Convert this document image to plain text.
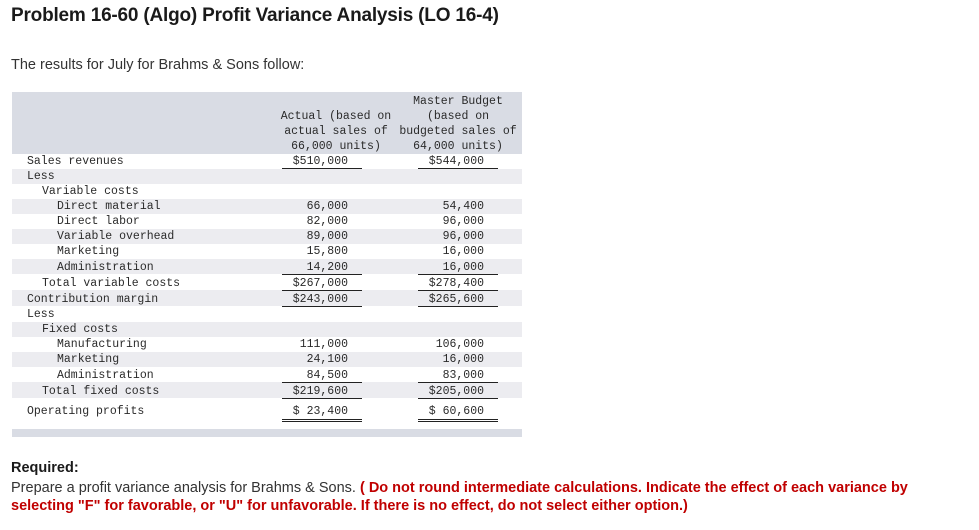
Problem 16-60 (Algo) Profit Variance Analysis (LO 16-4)
The results for July for Brahms & Sons follow:
Actual (based on
actual sales of
66,000 units)
Master Budget
(based on
budgeted sales of
64,000 units)
Sales revenues
Less
Variable costs
Direct material
Direct labor
Variable overhead
Marketing
Administration
Total variable costs
Contribution margin
Less
Fixed costs
Manufacturing
Marketing
Administration
Total fixed costs
Operating profits
$510,000
66,000
82,000
89,000
15,800
14,200
$267,000
$243,000
111,000
24,100
84,500
$219,600
$ 23,400
$544,000
54,400
96,000
96,000
16,000
16,000
$278,400
$265,600
106,000
16,000
83,000
$205,000
$ 60,600
Required:
Prepare a profit variance analysis for Brahms & Sons. ( Do not round intermediate calculations. Indicate the effect of each variance by selecting "F" for favorable, or "U" for unfavorable. If there is no effect, do not select either option.)
